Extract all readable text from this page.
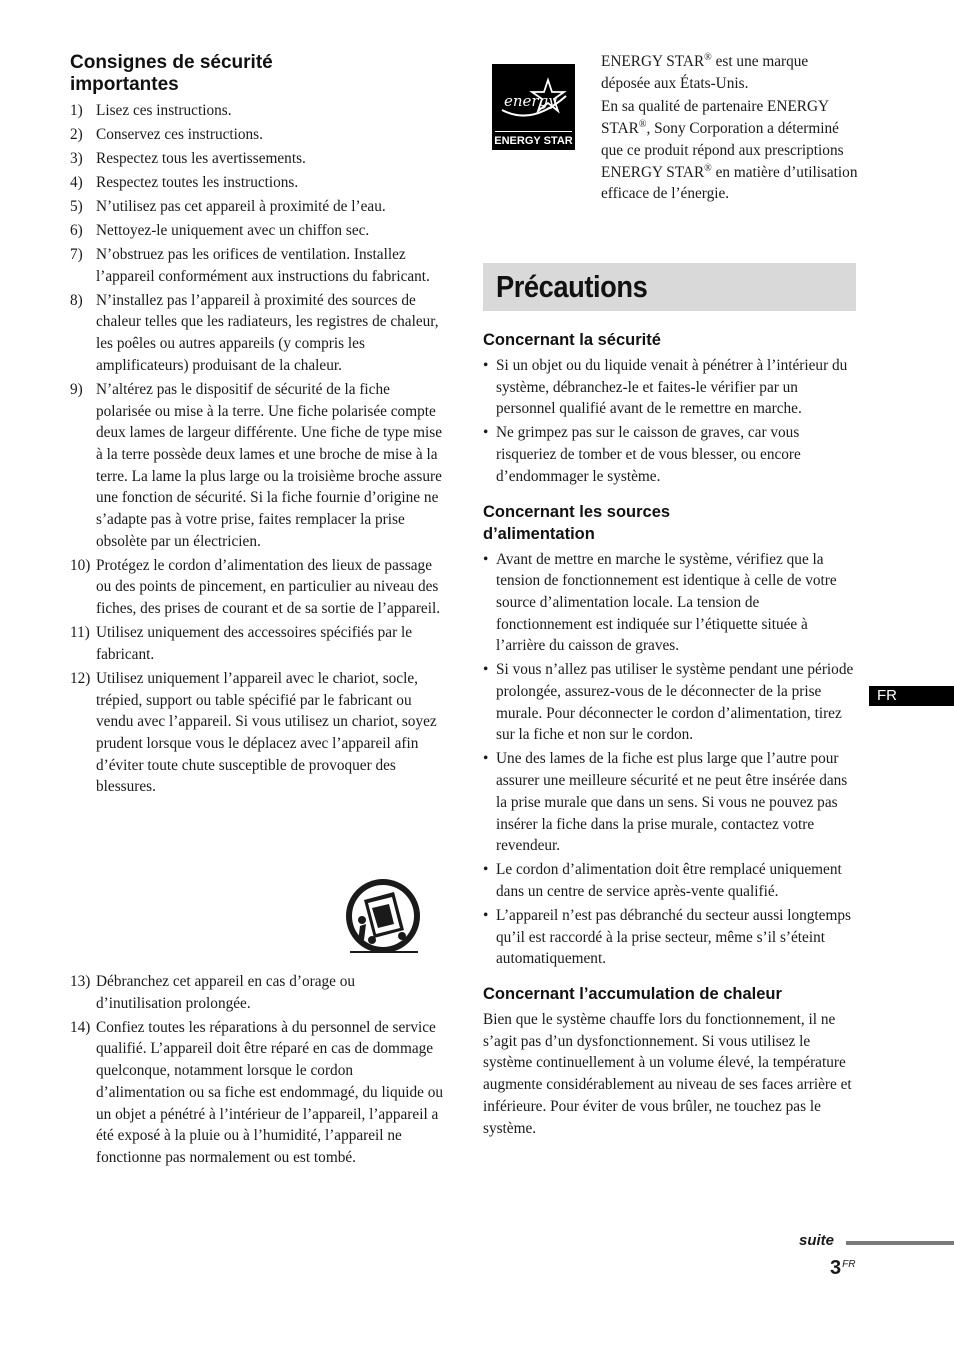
Consignes de sécurité importantes
1) Lisez ces instructions.
2) Conservez ces instructions.
3) Respectez tous les avertissements.
4) Respectez toutes les instructions.
5) N’utilisez pas cet appareil à proximité de l’eau.
6) Nettoyez-le uniquement avec un chiffon sec.
7) N’obstruez pas les orifices de ventilation. Installez l’appareil conformément aux instructions du fabricant.
8) N’installez pas l’appareil à proximité des sources de chaleur telles que les radiateurs, les registres de chaleur, les poêles ou autres appareils (y compris les amplificateurs) produisant de la chaleur.
9) N’altérez pas le dispositif de sécurité de la fiche polarisée ou mise à la terre. Une fiche polarisée compte deux lames de largeur différente. Une fiche de type mise à la terre possède deux lames et une broche de mise à la terre. La lame la plus large ou la troisième broche assure une fonction de sécurité. Si la fiche fournie d’origine ne s’adapte pas à votre prise, faites remplacer la prise obsolète par un électricien.
10) Protégez le cordon d’alimentation des lieux de passage ou des points de pincement, en particulier au niveau des fiches, des prises de courant et de sa sortie de l’appareil.
11) Utilisez uniquement des accessoires spécifiés par le fabricant.
12) Utilisez uniquement l’appareil avec le chariot, socle, trépied, support ou table spécifié par le fabricant ou vendu avec l’appareil. Si vous utilisez un chariot, soyez prudent lorsque vous le déplacez avec l’appareil afin d’éviter toute chute susceptible de provoquer des blessures.
13) Débranchez cet appareil en cas d’orage ou d’inutilisation prolongée.
14) Confiez toutes les réparations à du personnel de service qualifié. L’appareil doit être réparé en cas de dommage quelconque, notamment lorsque le cordon d’alimentation ou sa fiche est endommagé, du liquide ou un objet a pénétré à l’intérieur de l’appareil, l’appareil a été exposé à la pluie ou à l’humidité, l’appareil ne fonctionne pas normalement ou est tombé.
energy
ENERGY STAR

ENERGY STAR® est une marque déposée aux États-Unis.

En sa qualité de partenaire ENERGY STAR®, Sony Corporation a déterminé que ce produit répond aux prescriptions ENERGY STAR® en matière d’utilisation efficace de l’énergie.

Précautions
Concernant la sécurité
• Si un objet ou du liquide venait à pénétrer à l’intérieur du système, débranchez-le et faites-le vérifier par un personnel qualifié avant de le remettre en marche.
• Ne grimpez pas sur le caisson de graves, car vous risqueriez de tomber et de vous blesser, ou encore d’endommager le système.
Concernant les sources d’alimentation
• Avant de mettre en marche le système, vérifiez que la tension de fonctionnement est identique à celle de votre source d’alimentation locale. La tension de fonctionnement est indiquée sur l’étiquette située à l’arrière du caisson de graves.
• Si vous n’allez pas utiliser le système pendant une période prolongée, assurez-vous de le déconnecter de la prise murale. Pour déconnecter le cordon d’alimentation, tirez sur la fiche et non sur le cordon.
• Une des lames de la fiche est plus large que l’autre pour assurer une meilleure sécurité et ne peut être insérée dans la prise murale que dans un sens. Si vous ne pouvez pas insérer la fiche dans la prise murale, contactez votre revendeur.
• Le cordon d’alimentation doit être remplacé uniquement dans un centre de service après-vente qualifié.
• L’appareil n’est pas débranché du secteur aussi longtemps qu’il est raccordé à la prise secteur, même s’il s’éteint automatiquement.
Concernant l’accumulation de chaleur

Bien que le système chauffe lors du fonctionnement, il ne s’agit pas d’un dysfonctionnement. Si vous utilisez le système continuellement à un volume élevé, la température augmente considérablement au niveau de ses faces arrière et inférieure. Pour éviter de vous brûler, ne touchez pas le système.

FR
suite
$3^{FR}$
